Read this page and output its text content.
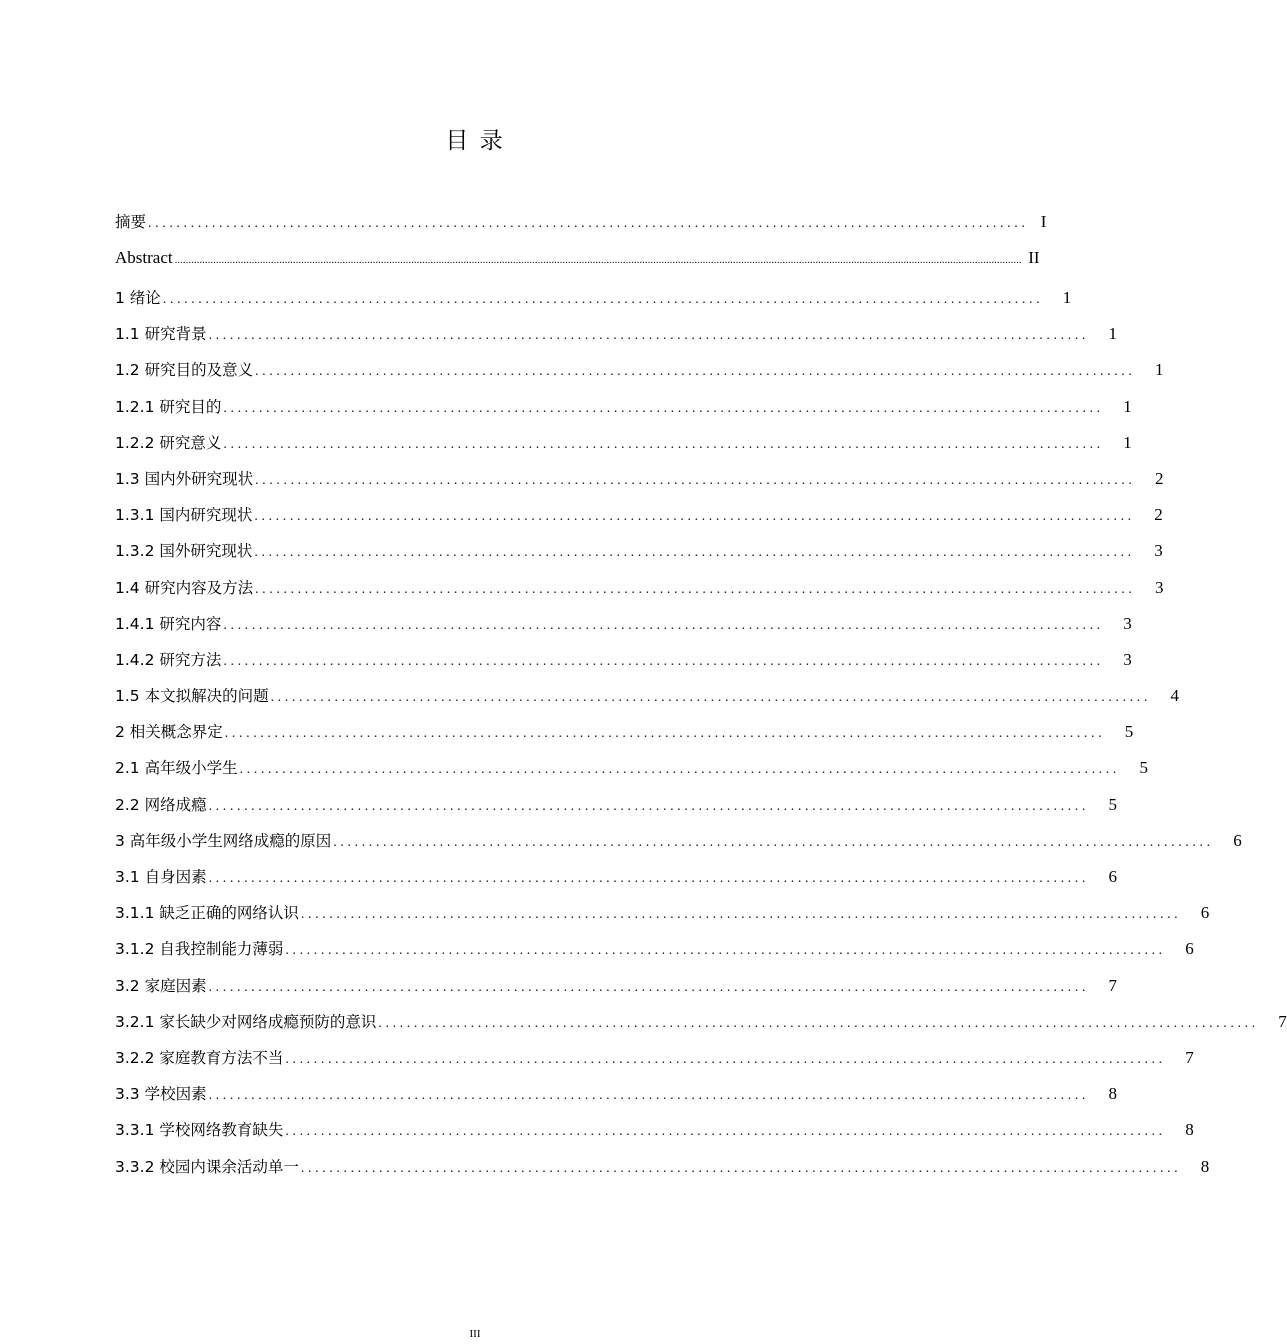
目 录
摘要 ............................................................................................................................ I
Abstract .................................................................................................................................................................................................................................................................................................................... II
1 绪论 ............................................................................................................................	1
1.1 研究背景 ............................................................................................................................	1
1.2 研究目的及意义 ............................................................................................................................	1
1.2.1 研究目的 ............................................................................................................................	1
1.2.2 研究意义 ............................................................................................................................	1
1.3 国内外研究现状 ............................................................................................................................	2
1.3.1 国内研究现状 ............................................................................................................................	2
1.3.2 国外研究现状 ............................................................................................................................	3
1.4 研究内容及方法 ............................................................................................................................	3
1.4.1 研究内容 ............................................................................................................................	3
1.4.2 研究方法 ............................................................................................................................	3
1.5 本文拟解决的问题 ............................................................................................................................	4
2 相关概念界定 ............................................................................................................................	5
2.1 高年级小学生 ............................................................................................................................	5
2.2 网络成瘾 ............................................................................................................................	5
3 高年级小学生网络成瘾的原因 ............................................................................................................................	6
3.1 自身因素 ............................................................................................................................	6
3.1.1 缺乏正确的网络认识 ............................................................................................................................	6
3.1.2 自我控制能力薄弱 ............................................................................................................................	6
3.2 家庭因素 ............................................................................................................................	7
3.2.1 家长缺少对网络成瘾预防的意识 ............................................................................................................................	7
3.2.2 家庭教育方法不当 ............................................................................................................................	7
3.3 学校因素 ............................................................................................................................	8
3.3.1 学校网络教育缺失 ............................................................................................................................	8
3.3.2 校园内课余活动单一 ............................................................................................................................	8
III
